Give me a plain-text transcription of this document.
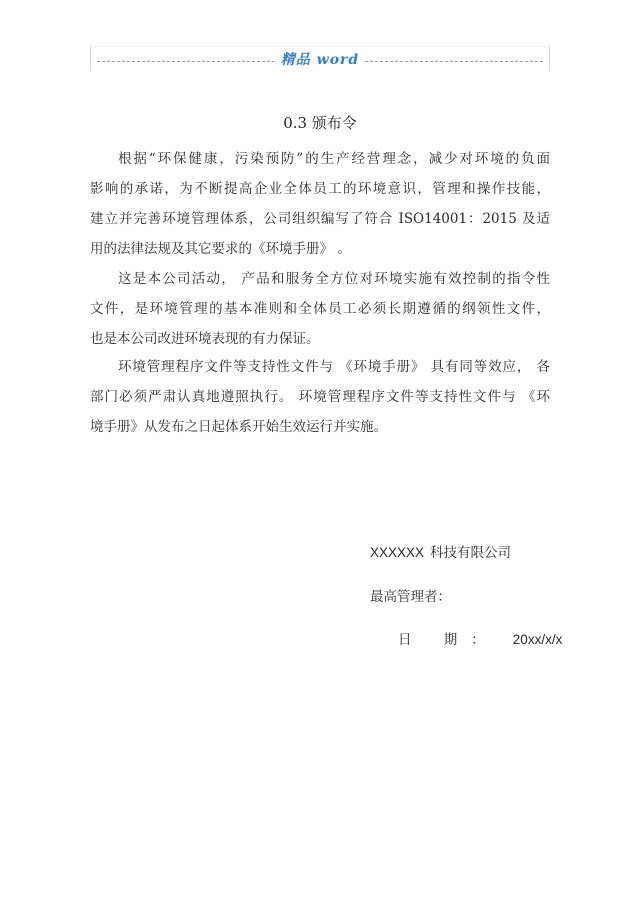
精品 word
0.3 颁布令
根据“环保健康，污染预防”的生产经营理念，减少对环境的负面
影响的承诺，为不断提高企业全体员工的环境意识，管理和操作技能，
建立并完善环境管理体系，公司组织编写了符合 ISO14001：2015 及适
用的法律法规及其它要求的《环境手册》 。
这是本公司活动， 产品和服务全方位对环境实施有效控制的指令性
文件，是环境管理的基本准则和全体员工必须长期遵循的纲领性文件，
也是本公司改进环境表现的有力保证。
环境管理程序文件等支持性文件与 《环境手册》 具有同等效应， 各
部门必须严肃认真地遵照执行。 环境管理程序文件等支持性文件与 《环
境手册》从发布之日起体系开始生效运行并实施。
XXXXXX 科技有限公司
最高管理者：
日 期： 20xx/x/x
